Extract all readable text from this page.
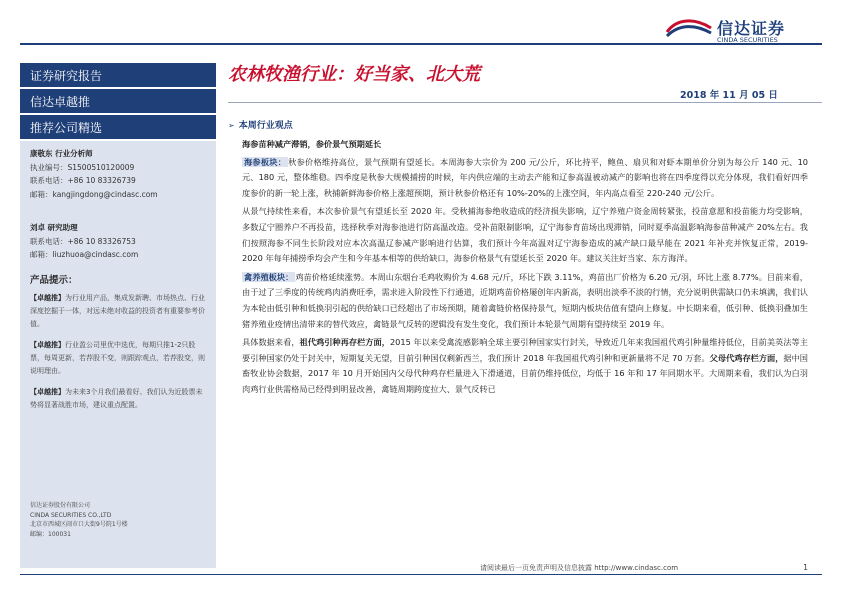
信达证券
CINDA SECURITIES
证券研究报告
信达卓越推
推荐公司精选
康敬东 行业分析师
执业编号：S1500510120009
联系电话：+86 10 83326739
邮箱：kangjingdong@cindasc.com
刘卓 研究助理
联系电话：+86 10 83326753
邮箱：liuzhuoa@cindasc.com
产品提示：
【卓越推】为行业用产品，集成发新聘、市场热点、行业深度挖掘于一体，对远未绝对收益的投资者有重要参考价值。
【卓越推】行业盈公司里优中选优，每期只推1-2只股票，每周更新，若荐股不变，则跟踪观点，若荐股变，则说明理由。
【卓越推】为未来3个月我们最看好、我们认为近股票未势将显著战胜市场，建议重点配置。
信达证券股份有限公司
CINDA SECURITIES CO.,LTD
北京市西城区闹市口大街9号院1号楼
邮编：100031
农林牧渔行业：好当家、北大荒
2018 年 11 月 05 日
➢ 本周行业观点

海参苗种减产滞销，参价景气预期延长

海参板块： 秋参价格维持高位，景气预期有望延长。本周海参大宗价为 200 元/公斤，环比持平，鲍鱼、扇贝和对虾本期单价分别为每公斤 140 元、10 元、180 元，整体维稳。四季度是秋参大规模捕捞的时候，年内供应端的主动去产能和辽参高温被动减产的影响也将在四季度得以充分体现，我们看好四季度参价的新一轮上涨，秋捕新鲜海参价格上涨超预期，预计秋参价格还有 10%-20%的上涨空间，年内高点看至 220-240 元/公斤。

从景气持续性来看，本次参价景气有望延长至 2020 年。受秋捕海参绝收造成的经济损失影响，辽宁养殖户资金周转紧张，投苗意愿和投苗能力均受影响，多数辽宁圈养户不再投苗，选择秋季对海参池进行防高温改造。受补苗限制影响，辽宁海参育苗场出现滞销，同时夏季高温影响海参苗种减产 20%左右。我们按照海参不同生长阶段对应本次高温辽参减产影响进行估算，我们预计今年高温对辽宁海参造成的减产缺口最早能在 2021 年补充并恢复正常，2019-2020 年每年捕捞季均会产生和今年基本相等的供给缺口，海参价格景气有望延长至 2020 年。建议关注好当家、东方海洋。

禽养殖板块： 鸡苗价格延续涨势。本周山东烟台毛鸡收购价为 4.68 元/斤，环比下跌 3.11%，鸡苗出厂价格为 6.20 元/羽，环比上涨 8.77%。目前来看，由于过了三季度的传统鸡肉消费旺季，需求进入阶段性下行通道，近期鸡苗价格屡创年内新高，表明出淡季不淡的行情，充分说明供需缺口仍未填满，我们认为本轮由低引种和低换羽引起的供给缺口已经超出了市场预期，随着禽链价格保持景气，短期内板块估值有望向上修复。中长期来看，低引种、低换羽叠加生猪养殖业疫情出清带来的替代效应，禽链景气反转的逻辑没有发生变化，我们预计本轮景气周期有望持续至 2019 年。

具体数据来看，祖代鸡引种再存栏方面，2015 年以来受禽流感影响全球主要引种国家实行封关，导致近几年来我国祖代鸡引种量维持低位，目前美英法等主要引种国家仍处于封关中，短期复关无望，目前引种国仅剩新西兰，我们预计 2018 年我国祖代鸡引种和更新量将不足 70 万套。父母代鸡存栏方面，据中国畜牧业协会数据，2017 年 10 月开始国内父母代种鸡存栏量进入下滑通道，目前仍维持低位，均低于 16 年和 17 年同期水平。大周期来看，我们认为白羽肉鸡行业供需格局已经得到明显改善，禽链周期跨度拉大、景气反转已

请阅读最后一页免责声明及信息披露 http://www.cindasc.com	1
